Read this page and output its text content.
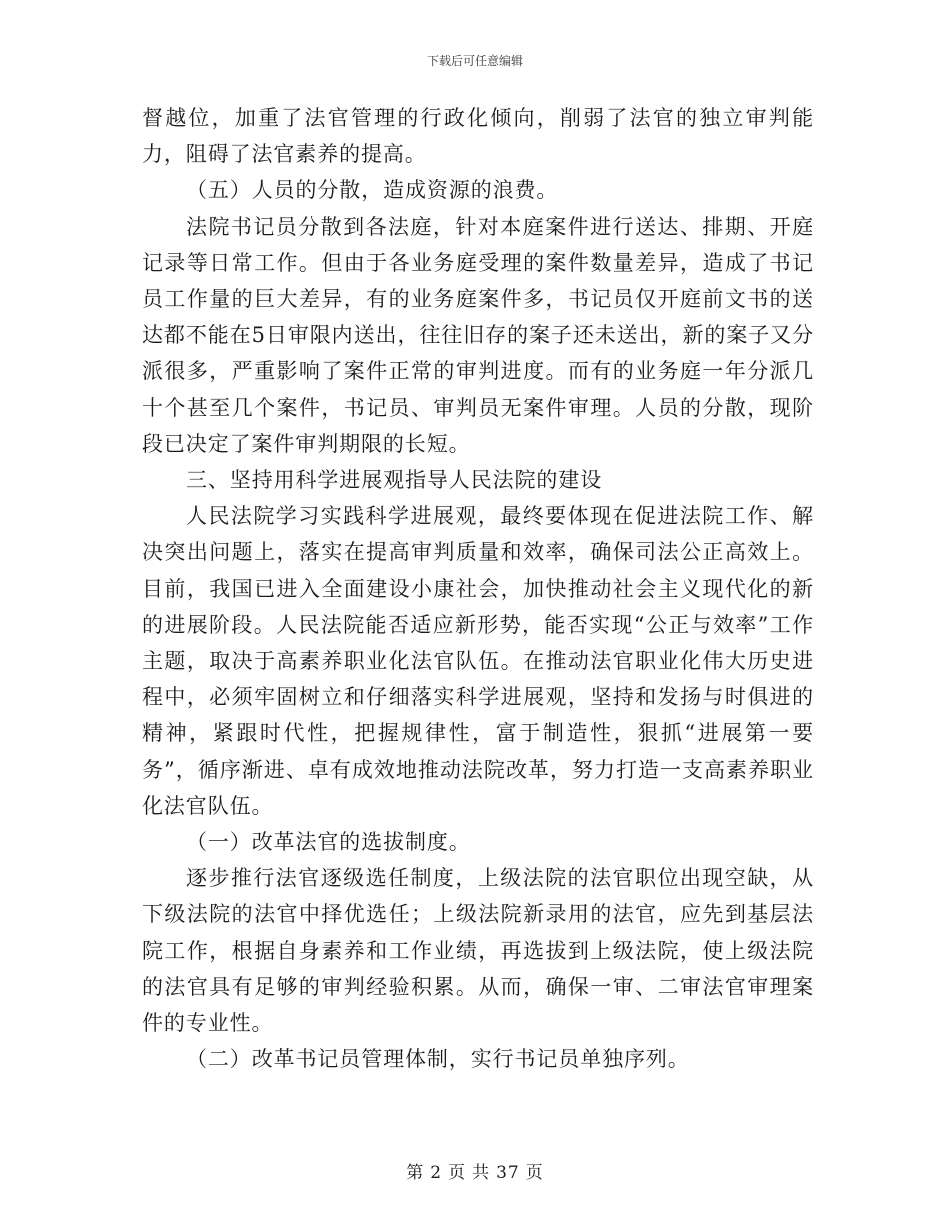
下载后可任意编辑

督越位，加重了法官管理的行政化倾向，削弱了法官的独立审判能力，阻碍了法官素养的提高。

（五）人员的分散，造成资源的浪费。

法院书记员分散到各法庭，针对本庭案件进行送达、排期、开庭记录等日常工作。但由于各业务庭受理的案件数量差异，造成了书记员工作量的巨大差异，有的业务庭案件多，书记员仅开庭前文书的送达都不能在5日审限内送出，往往旧存的案子还未送出，新的案子又分派很多，严重影响了案件正常的审判进度。而有的业务庭一年分派几十个甚至几个案件，书记员、审判员无案件审理。人员的分散，现阶段已决定了案件审判期限的长短。

三、坚持用科学进展观指导人民法院的建设

人民法院学习实践科学进展观，最终要体现在促进法院工作、解决突出问题上，落实在提高审判质量和效率，确保司法公正高效上。目前，我国已进入全面建设小康社会，加快推动社会主义现代化的新的进展阶段。人民法院能否适应新形势，能否实现“公正与效率”工作主题，取决于高素养职业化法官队伍。在推动法官职业化伟大历史进程中，必须牢固树立和仔细落实科学进展观，坚持和发扬与时俱进的精神，紧跟时代性，把握规律性，富于制造性，狠抓“进展第一要务”，循序渐进、卓有成效地推动法院改革，努力打造一支高素养职业化法官队伍。

（一）改革法官的选拔制度。

逐步推行法官逐级选任制度，上级法院的法官职位出现空缺，从下级法院的法官中择优选任；上级法院新录用的法官，应先到基层法院工作，根据自身素养和工作业绩，再选拔到上级法院，使上级法院的法官具有足够的审判经验积累。从而，确保一审、二审法官审理案件的专业性。

（二）改革书记员管理体制，实行书记员单独序列。

第 2 页 共 37 页
